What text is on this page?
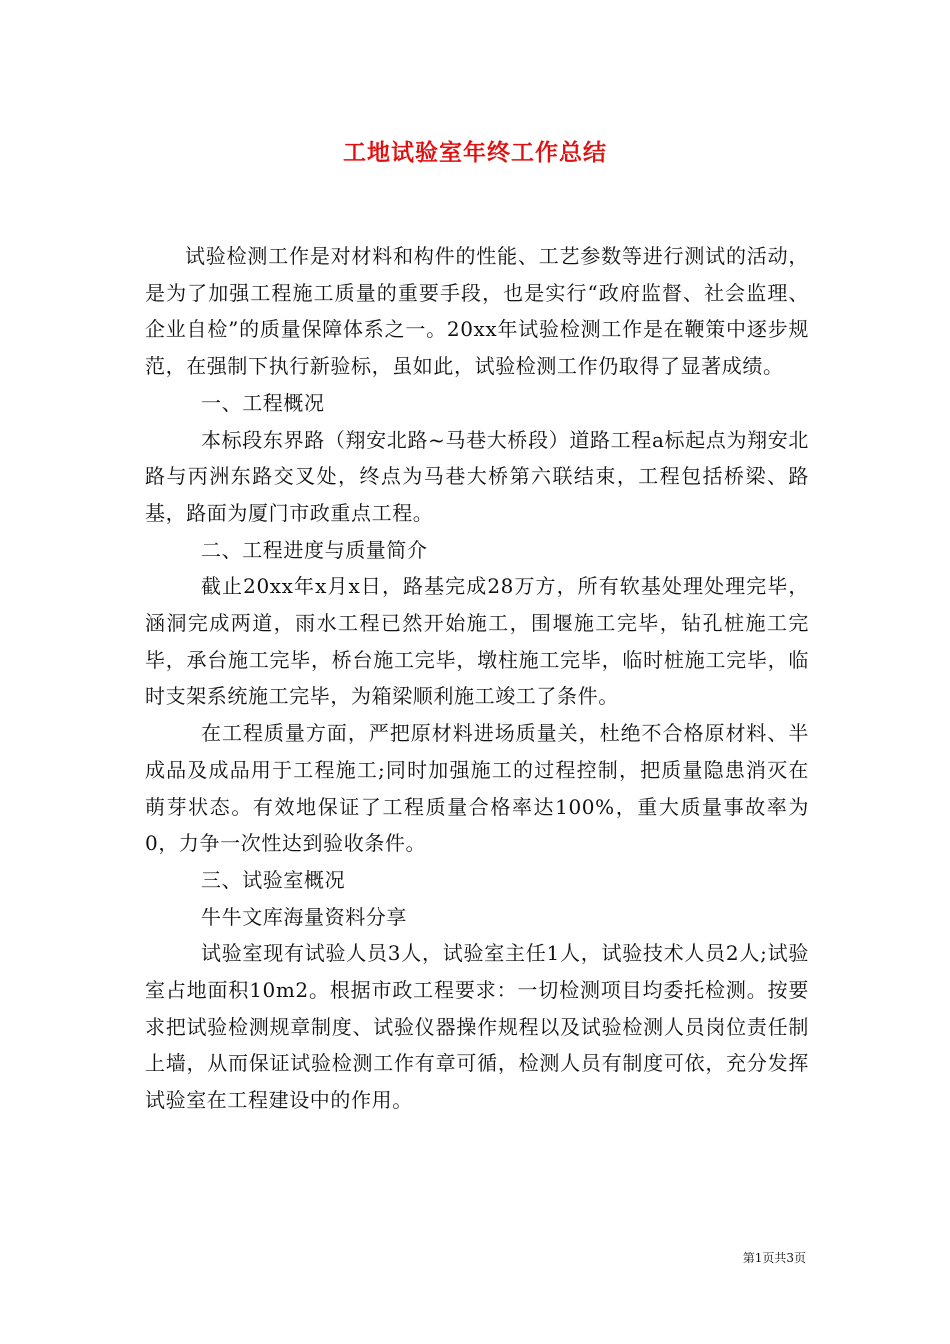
工地试验室年终工作总结

试验检测工作是对材料和构件的性能、工艺参数等进行测试的活动，是为了加强工程施工质量的重要手段，也是实行“政府监督、社会监理、企业自检”的质量保障体系之一。20xx年试验检测工作是在鞭策中逐步规范，在强制下执行新验标，虽如此，试验检测工作仍取得了显著成绩。

一、工程概况

本标段东界路（翔安北路~马巷大桥段）道路工程a标起点为翔安北路与丙洲东路交叉处，终点为马巷大桥第六联结束，工程包括桥梁、路基，路面为厦门市政重点工程。

二、工程进度与质量简介

截止20xx年x月x日，路基完成28万方，所有软基处理处理完毕，涵洞完成两道，雨水工程已然开始施工，围堰施工完毕，钻孔桩施工完毕，承台施工完毕，桥台施工完毕，墩柱施工完毕，临时桩施工完毕，临时支架系统施工完毕，为箱梁顺利施工竣工了条件。

在工程质量方面，严把原材料进场质量关，杜绝不合格原材料、半成品及成品用于工程施工;同时加强施工的过程控制，把质量隐患消灭在萌芽状态。有效地保证了工程质量合格率达100%，重大质量事故率为0，力争一次性达到验收条件。

三、试验室概况

牛牛文库海量资料分享

试验室现有试验人员3人，试验室主任1人，试验技术人员2人;试验室占地面积10m2。根据市政工程要求：一切检测项目均委托检测。按要求把试验检测规章制度、试验仪器操作规程以及试验检测人员岗位责任制上墙，从而保证试验检测工作有章可循，检测人员有制度可依，充分发挥试验室在工程建设中的作用。

第1页共3页
